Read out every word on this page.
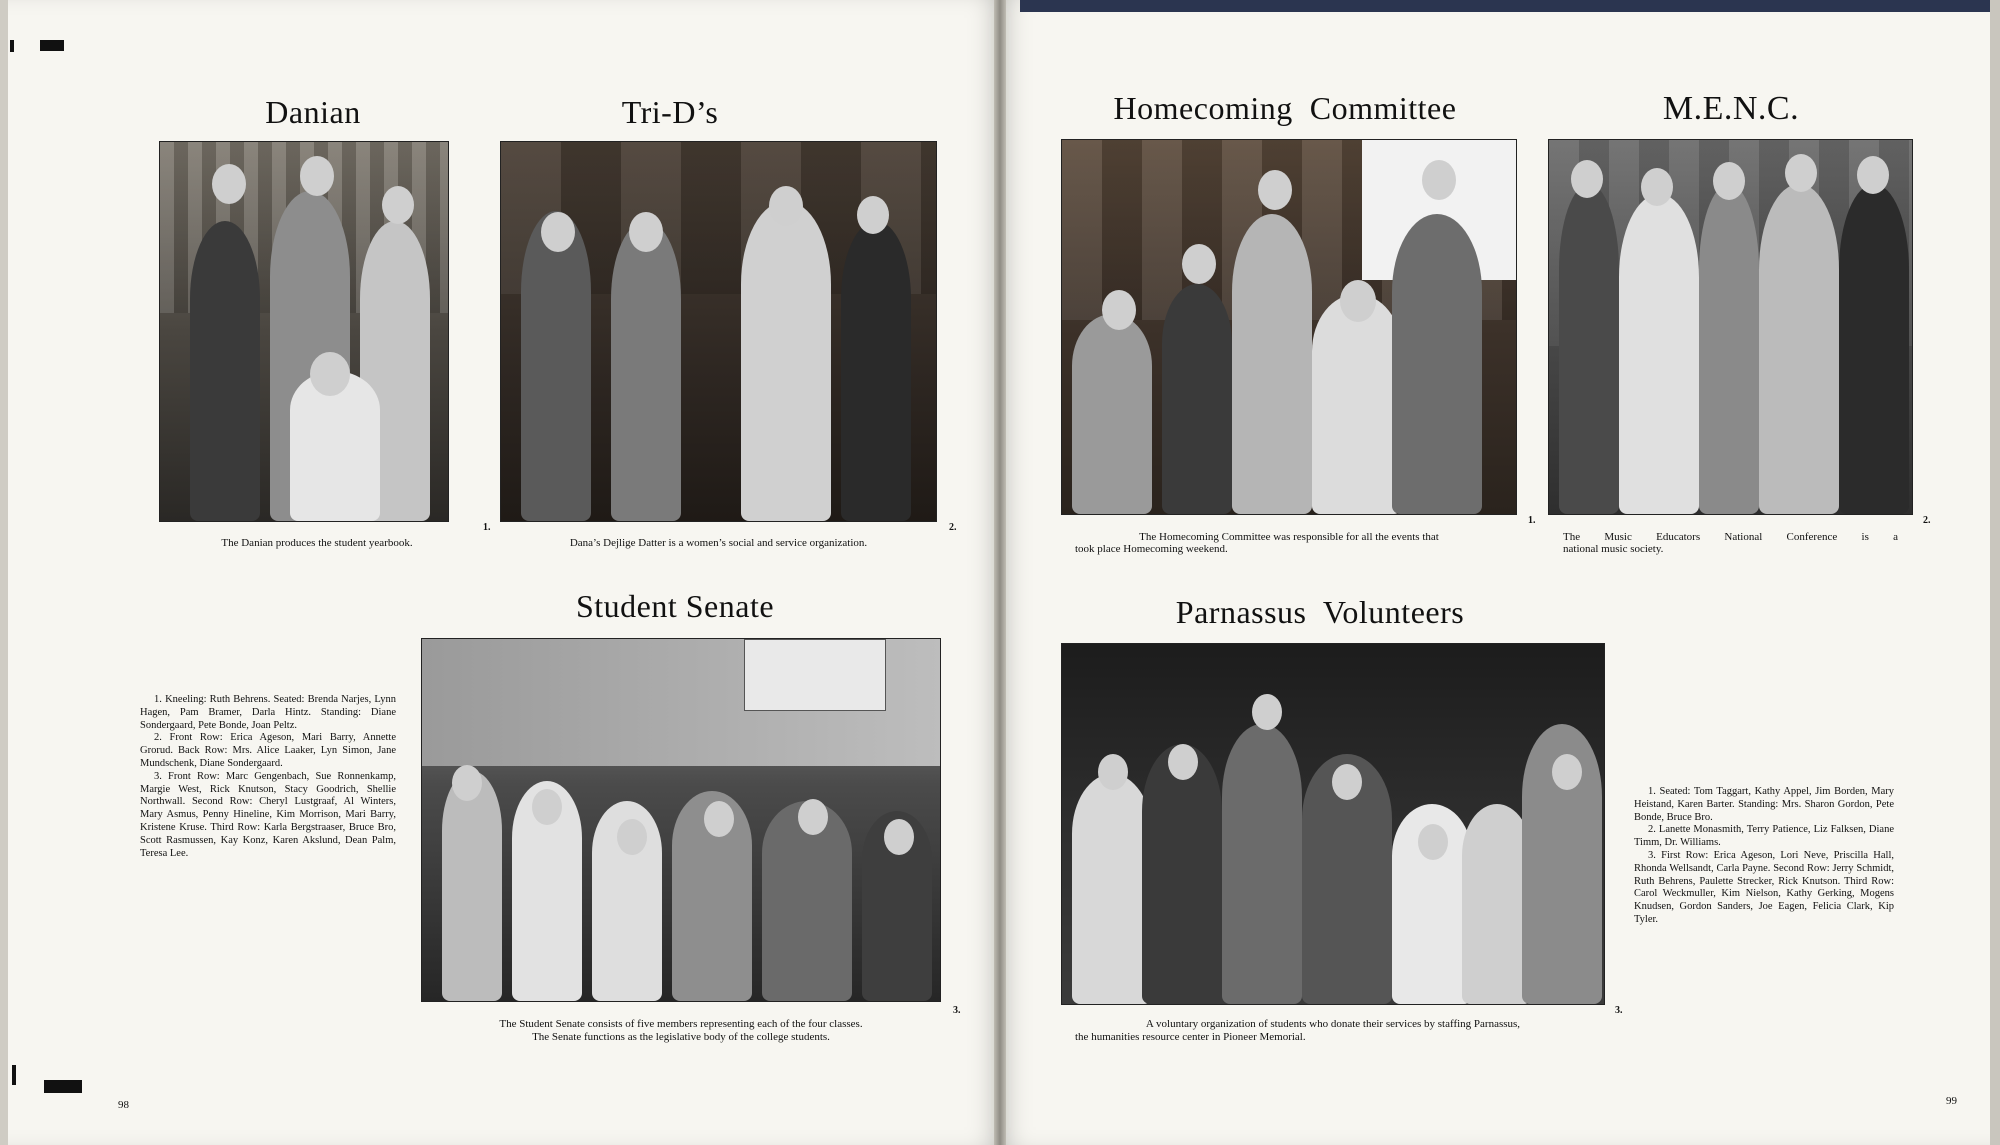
Danian
1.
The Danian produces the student yearbook.
Tri-D’s
2.
Dana’s Dejlige Datter is a women’s social and service organization.
Student Senate
3.
The Student Senate consists of five members representing each of the four classes.
The Senate functions as the legislative body of the college students.

1. Kneeling: Ruth Behrens. Seated: Brenda Narjes, Lynn Hagen, Pam Bramer, Darla Hintz. Standing: Diane Sondergaard, Pete Bonde, Joan Peltz.

2. Front Row: Erica Ageson, Mari Barry, Annette Grorud. Back Row: Mrs. Alice Laaker, Lyn Simon, Jane Mundschenk, Diane Sondergaard.

3. Front Row: Marc Gengenbach, Sue Ronnenkamp, Margie West, Rick Knutson, Stacy Goodrich, Shellie Northwall. Second Row: Cheryl Lustgraaf, Al Winters, Mary Asmus, Penny Hineline, Kim Morrison, Mari Barry, Kristene Kruse. Third Row: Karla Bergstraaser, Bruce Bro, Scott Rasmussen, Kay Konz, Karen Akslund, Dean Palm, Teresa Lee.

98
Homecoming  Committee
1.
The Homecoming Committee was responsible for all the events that
took place Homecoming weekend.
M.E.N.C.
2.
The Music Educators National Conference is a
national music society.
Parnassus  Volunteers
3.
A voluntary organization of students who donate their services by staffing Parnassus,
the humanities resource center in Pioneer Memorial.

1. Seated: Tom Taggart, Kathy Appel, Jim Borden, Mary Heistand, Karen Barter. Standing: Mrs. Sharon Gordon, Pete Bonde, Bruce Bro.

2. Lanette Monasmith, Terry Patience, Liz Falksen, Diane Timm, Dr. Williams.

3. First Row: Erica Ageson, Lori Neve, Priscilla Hall, Rhonda Wellsandt, Carla Payne. Second Row: Jerry Schmidt, Ruth Behrens, Paulette Strecker, Rick Knutson. Third Row: Carol Weckmuller, Kim Nielson, Kathy Gerking, Mogens Knudsen, Gordon Sanders, Joe Eagen, Felicia Clark, Kip Tyler.

99
